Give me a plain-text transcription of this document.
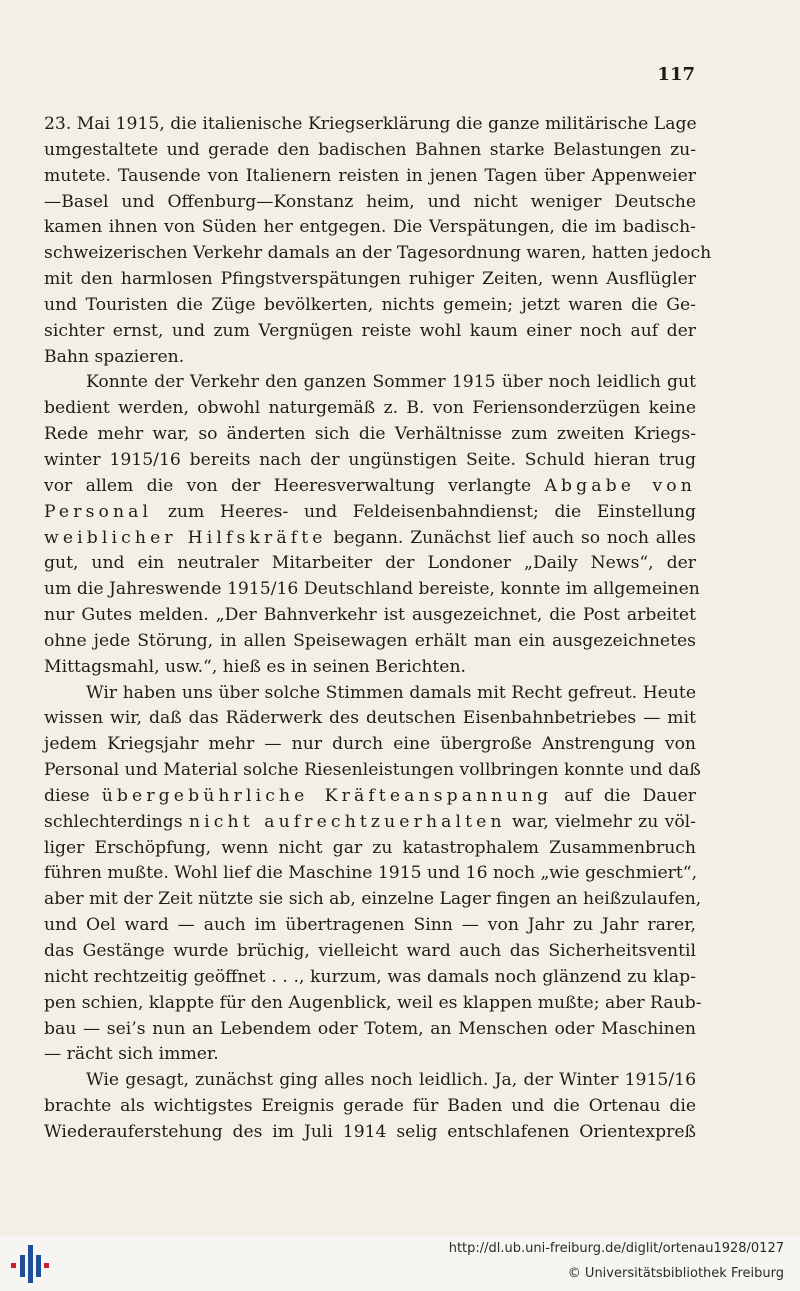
117
23. Mai 1915, die italienische Kriegserklärung die ganze militärische Lage
umgestaltete und gerade den badischen Bahnen starke Belastungen zu-
mutete. Tausende von Italienern reisten in jenen Tagen über Appenweier
—Basel und Offenburg—Konstanz heim, und nicht weniger Deutsche
kamen ihnen von Süden her entgegen. Die Verspätungen, die im badisch-
schweizerischen Verkehr damals an der Tagesordnung waren, hatten jedoch
mit den harmlosen Pfingstverspätungen ruhiger Zeiten, wenn Ausflügler
und Touristen die Züge bevölkerten, nichts gemein; jetzt waren die Ge-
sichter ernst, und zum Vergnügen reiste wohl kaum einer noch auf der
Bahn spazieren.
Konnte der Verkehr den ganzen Sommer 1915 über noch leidlich gut
bedient werden, obwohl naturgemäß z. B. von Feriensonderzügen keine
Rede mehr war, so änderten sich die Verhältnisse zum zweiten Kriegs-
winter 1915/16 bereits nach der ungünstigen Seite. Schuld hieran trug
vor allem die von der Heeresverwaltung verlangte Abgabe von
Personal zum Heeres- und Feldeisenbahndienst; die Einstellung
weiblicher Hilfskräfte begann. Zunächst lief auch so noch alles
gut, und ein neutraler Mitarbeiter der Londoner „Daily News“, der
um die Jahreswende 1915/16 Deutschland bereiste, konnte im allgemeinen
nur Gutes melden. „Der Bahnverkehr ist ausgezeichnet, die Post arbeitet
ohne jede Störung, in allen Speisewagen erhält man ein ausgezeichnetes
Mittagsmahl, usw.“, hieß es in seinen Berichten.
Wir haben uns über solche Stimmen damals mit Recht gefreut. Heute
wissen wir, daß das Räderwerk des deutschen Eisenbahnbetriebes — mit
jedem Kriegsjahr mehr — nur durch eine übergroße Anstrengung von
Personal und Material solche Riesenleistungen vollbringen konnte und daß
diese übergebührliche Kräfteanspannung auf die Dauer
schlechterdings nicht aufrechtzuerhalten war, vielmehr zu völ-
liger Erschöpfung, wenn nicht gar zu katastrophalem Zusammenbruch
führen mußte. Wohl lief die Maschine 1915 und 16 noch „wie geschmiert“,
aber mit der Zeit nützte sie sich ab, einzelne Lager fingen an heißzulaufen,
und Oel ward — auch im übertragenen Sinn — von Jahr zu Jahr rarer,
das Gestänge wurde brüchig, vielleicht ward auch das Sicherheitsventil
nicht rechtzeitig geöffnet . . ., kurzum, was damals noch glänzend zu klap-
pen schien, klappte für den Augenblick, weil es klappen mußte; aber Raub-
bau — sei’s nun an Lebendem oder Totem, an Menschen oder Maschinen
— rächt sich immer.
Wie gesagt, zunächst ging alles noch leidlich. Ja, der Winter 1915/16
brachte als wichtigstes Ereignis gerade für Baden und die Ortenau die
Wiederauferstehung des im Juli 1914 selig entschlafenen Orientexpreß
http://dl.ub.uni-freiburg.de/diglit/ortenau1928/0127
© Universitätsbibliothek Freiburg
